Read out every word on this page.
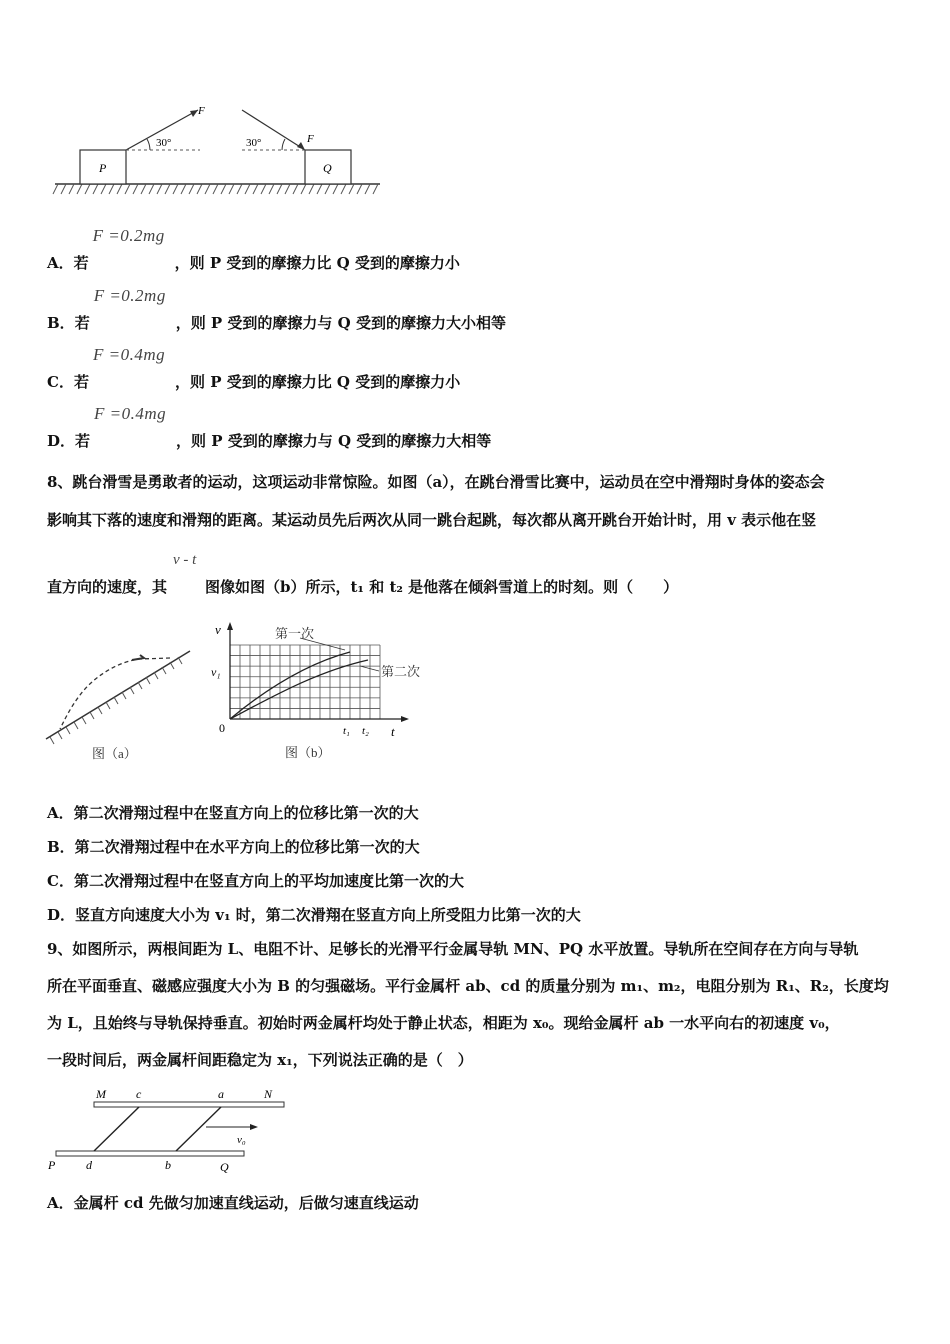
P	Q
F
30°	F
30°
A．若
F =0.2mg
，则 P 受到的摩擦力比 Q 受到的摩擦力小
B．若
F =0.2mg
，则 P 受到的摩擦力与 Q 受到的摩擦力大小相等
C．若
F =0.4mg
，则 P 受到的摩擦力比 Q 受到的摩擦力小
D．若
F =0.4mg
，则 P 受到的摩擦力与 Q 受到的摩擦力大相等
8、跳台滑雪是勇敢者的运动，这项运动非常惊险。如图（a），在跳台滑雪比赛中，运动员在空中滑翔时身体的姿态会
影响其下落的速度和滑翔的距离。某运动员先后两次从同一跳台起跳，每次都从离开跳台开始计时，用 v 表示他在竖
直方向的速度，其
v - t
图像如图（b）所示，t₁ 和 t₂ 是他落在倾斜雪道上的时刻。则（　　）
图（a）
v
t
0
v₁
t₁ t₂
第一次
第二次
图（b）
A．第二次滑翔过程中在竖直方向上的位移比第一次的大
B．第二次滑翔过程中在水平方向上的位移比第一次的大
C．第二次滑翔过程中在竖直方向上的平均加速度比第一次的大
D．竖直方向速度大小为 v₁ 时，第二次滑翔在竖直方向上所受阻力比第一次的大
9、如图所示，两根间距为 L、电阻不计、足够长的光滑平行金属导轨 MN、PQ 水平放置。导轨所在空间存在方向与导轨
所在平面垂直、磁感应强度大小为 B 的匀强磁场。平行金属杆 ab、cd 的质量分别为 m₁、m₂，电阻分别为 R₁、R₂，长度均
为 L，且始终与导轨保持垂直。初始时两金属杆均处于静止状态，相距为 x₀。现给金属杆 ab 一水平向右的初速度 v₀，
一段时间后，两金属杆间距稳定为 x₁，下列说法正确的是（　）
M	c	a	N
P	d	b	Q
v₀
A．金属杆 cd 先做匀加速直线运动，后做匀速直线运动
